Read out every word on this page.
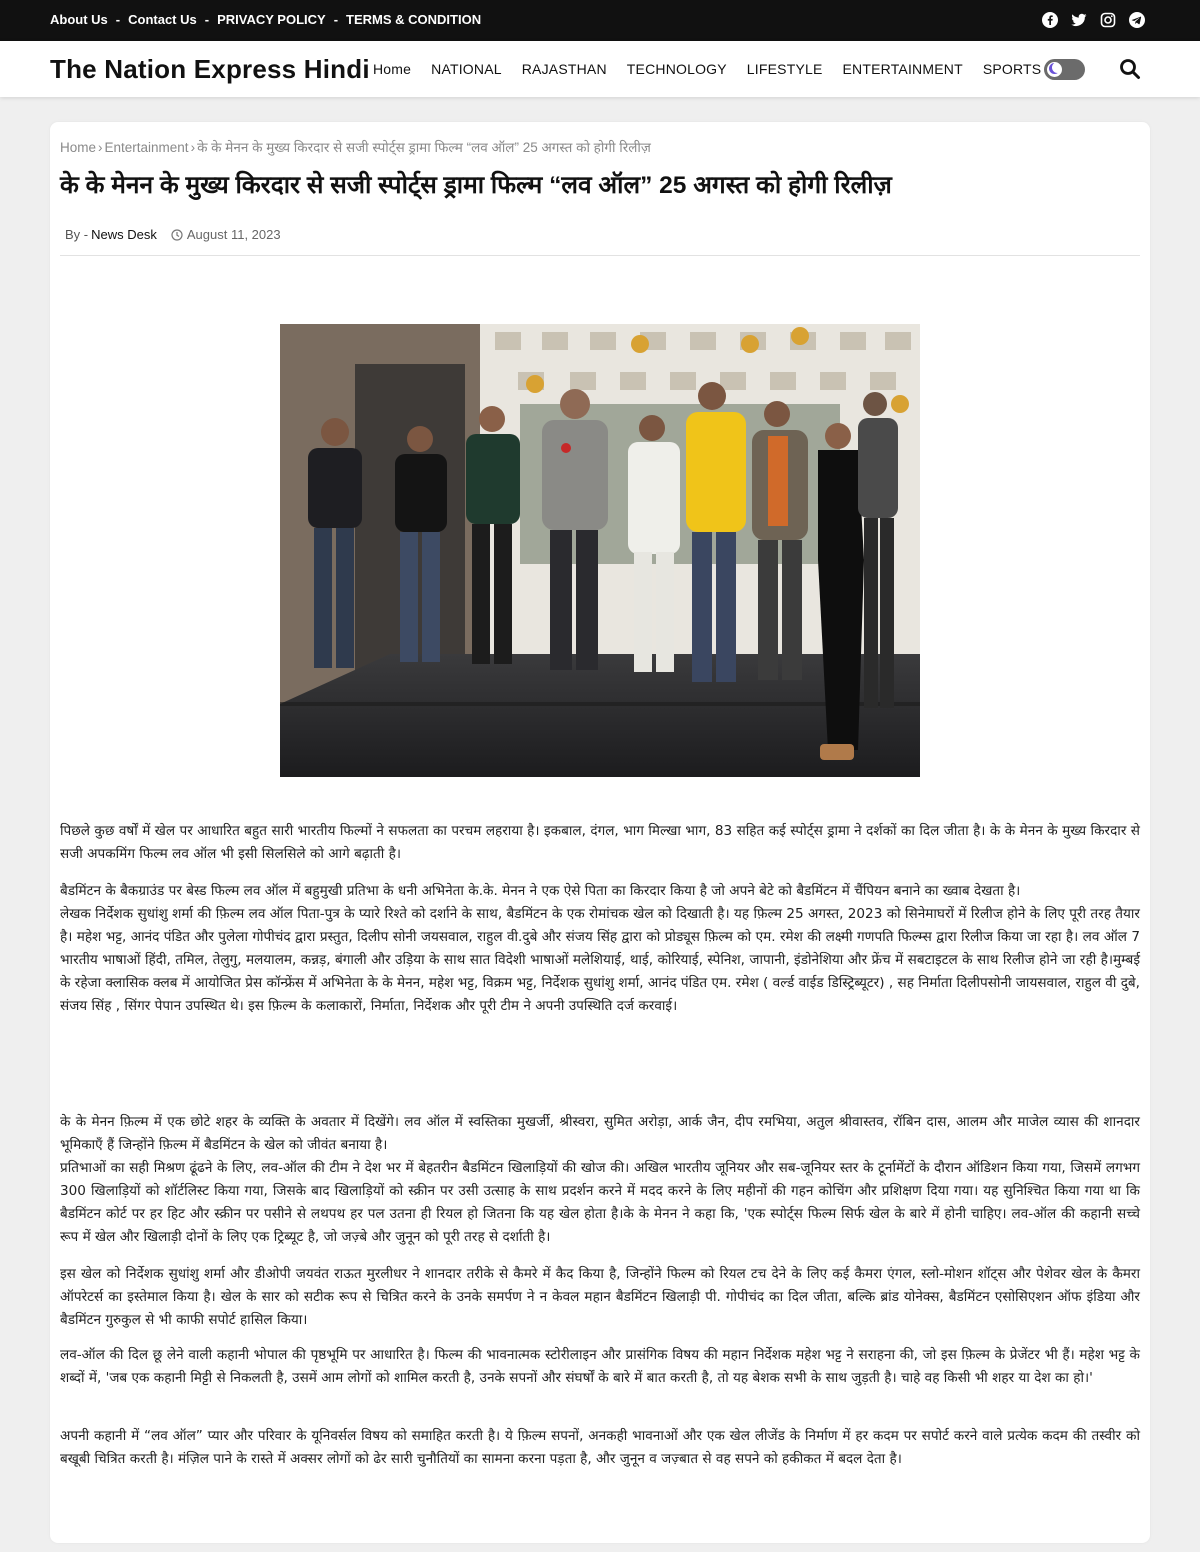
About Us - Contact Us - PRIVACY POLICY - TERMS & CONDITION
The Nation Express Hindi Home NATIONAL RAJASTHAN TECHNOLOGY LIFESTYLE ENTERTAINMENT SPORTS
Home › Entertainment › के के मेनन के मुख्य किरदार से सजी स्पोर्ट्स ड्रामा फिल्म “लव ऑल” 25 अगस्त को होगी रिलीज़
के के मेनन के मुख्य किरदार से सजी स्पोर्ट्स ड्रामा फिल्म “लव ऑल” 25 अगस्त को होगी रिलीज़
By - News Desk August 11, 2023

पिछले कुछ वर्षों में खेल पर आधारित बहुत सारी भारतीय फिल्मों ने सफलता का परचम लहराया है। इकबाल, दंगल, भाग मिल्खा भाग, 83 सहित कई स्पोर्ट्स ड्रामा ने दर्शकों का दिल जीता है। के के मेनन के मुख्य किरदार से सजी अपकमिंग फिल्म लव ऑल भी इसी सिलसिले को आगे बढ़ाती है।

बैडमिंटन के बैकग्राउंड पर बेस्ड फिल्म लव ऑल में बहुमुखी प्रतिभा के धनी अभिनेता के.के. मेनन ने एक ऐसे पिता का किरदार किया है जो अपने बेटे को बैडमिंटन में चैंपियन बनाने का ख्वाब देखता है।
लेखक निर्देशक सुधांशु शर्मा की फ़िल्म लव ऑल पिता-पुत्र के प्यारे रिश्ते को दर्शाने के साथ, बैडमिंटन के एक रोमांचक खेल को दिखाती है। यह फ़िल्म 25 अगस्त, 2023 को सिनेमाघरों में रिलीज होने के लिए पूरी तरह तैयार है। महेश भट्ट, आनंद पंडित और पुलेला गोपीचंद द्वारा प्रस्तुत, दिलीप सोनी जयसवाल, राहुल वी.दुबे और संजय सिंह द्वारा को प्रोड्यूस फ़िल्म को एम. रमेश की लक्ष्मी गणपति फिल्म्स द्वारा रिलीज किया जा रहा है। लव ऑल 7 भारतीय भाषाओं हिंदी, तमिल, तेलुगु, मलयालम, कन्नड़, बंगाली और उड़िया के साथ सात विदेशी भाषाओं मलेशियाई, थाई, कोरियाई, स्पेनिश, जापानी, इंडोनेशिया और फ्रेंच में सबटाइटल के साथ रिलीज होने जा रही है।मुम्बई के रहेजा क्लासिक क्लब में आयोजित प्रेस कॉन्फ्रेंस में अभिनेता के के मेनन, महेश भट्ट, विक्रम भट्ट, निर्देशक सुधांशु शर्मा, आनंद पंडित एम. रमेश ( वर्ल्ड वाईड डिस्ट्रिब्यूटर) , सह निर्माता दिलीपसोनी जायसवाल, राहुल वी दुबे, संजय सिंह , सिंगर पेपान उपस्थित थे। इस फ़िल्म के कलाकारों, निर्माता, निर्देशक और पूरी टीम ने अपनी उपस्थिति दर्ज करवाई।

के के मेनन फ़िल्म में एक छोटे शहर के व्यक्ति के अवतार में दिखेंगे। लव ऑल में स्वस्तिका मुखर्जी, श्रीस्वरा, सुमित अरोड़ा, आर्क जैन, दीप रमभिया, अतुल श्रीवास्तव, रॉबिन दास, आलम और माजेल व्यास की शानदार भूमिकाएँ हैं जिन्होंने फ़िल्म में बैडमिंटन के खेल को जीवंत बनाया है।
प्रतिभाओं का सही मिश्रण ढूंढने के लिए, लव-ऑल की टीम ने देश भर में बेहतरीन बैडमिंटन खिलाड़ियों की खोज की। अखिल भारतीय जूनियर और सब-जूनियर स्तर के टूर्नामेंटों के दौरान ऑडिशन किया गया, जिसमें लगभग 300 खिलाड़ियों को शॉर्टलिस्ट किया गया, जिसके बाद खिलाड़ियों को स्क्रीन पर उसी उत्साह के साथ प्रदर्शन करने में मदद करने के लिए महीनों की गहन कोचिंग और प्रशिक्षण दिया गया। यह सुनिश्चित किया गया था कि बैडमिंटन कोर्ट पर हर हिट और स्क्रीन पर पसीने से लथपथ हर पल उतना ही रियल हो जितना कि यह खेल होता है।के के मेनन ने कहा कि, 'एक स्पोर्ट्स फिल्म सिर्फ खेल के बारे में होनी चाहिए। लव-ऑल की कहानी सच्चे रूप में खेल और खिलाड़ी दोनों के लिए एक ट्रिब्यूट है, जो जज़्बे और जुनून को पूरी तरह से दर्शाती है।

इस खेल को निर्देशक सुधांशु शर्मा और डीओपी जयवंत राऊत मुरलीधर ने शानदार तरीके से कैमरे में कैद किया है, जिन्होंने फिल्म को रियल टच देने के लिए कई कैमरा एंगल, स्लो-मोशन शॉट्स और पेशेवर खेल के कैमरा ऑपरेटर्स का इस्तेमाल किया है। खेल के सार को सटीक रूप से चित्रित करने के उनके समर्पण ने न केवल महान बैडमिंटन खिलाड़ी पी. गोपीचंद का दिल जीता, बल्कि ब्रांड योनेक्स, बैडमिंटन एसोसिएशन ऑफ इंडिया और बैडमिंटन गुरुकुल से भी काफी सपोर्ट हासिल किया।

लव-ऑल की दिल छू लेने वाली कहानी भोपाल की पृष्ठभूमि पर आधारित है। फिल्म की भावनात्मक स्टोरीलाइन और प्रासंगिक विषय की महान निर्देशक महेश भट्ट ने सराहना की, जो इस फ़िल्म के प्रेजेंटर भी हैं। महेश भट्ट के शब्दों में, 'जब एक कहानी मिट्टी से निकलती है, उसमें आम लोगों को शामिल करती है, उनके सपनों और संघर्षों के बारे में बात करती है, तो यह बेशक सभी के साथ जुड़ती है। चाहे वह किसी भी शहर या देश का हो।'

अपनी कहानी में “लव ऑल” प्यार और परिवार के यूनिवर्सल विषय को समाहित करती है। ये फ़िल्म सपनों, अनकही भावनाओं और एक खेल लीजेंड के निर्माण में हर कदम पर सपोर्ट करने वाले प्रत्येक कदम की तस्वीर को बखूबी चित्रित करती है। मंज़िल पाने के रास्ते में अक्सर लोगों को ढेर सारी चुनौतियों का सामना करना पड़ता है, और जुनून व जज़्बात से वह सपने को हकीकत में बदल देता है।
